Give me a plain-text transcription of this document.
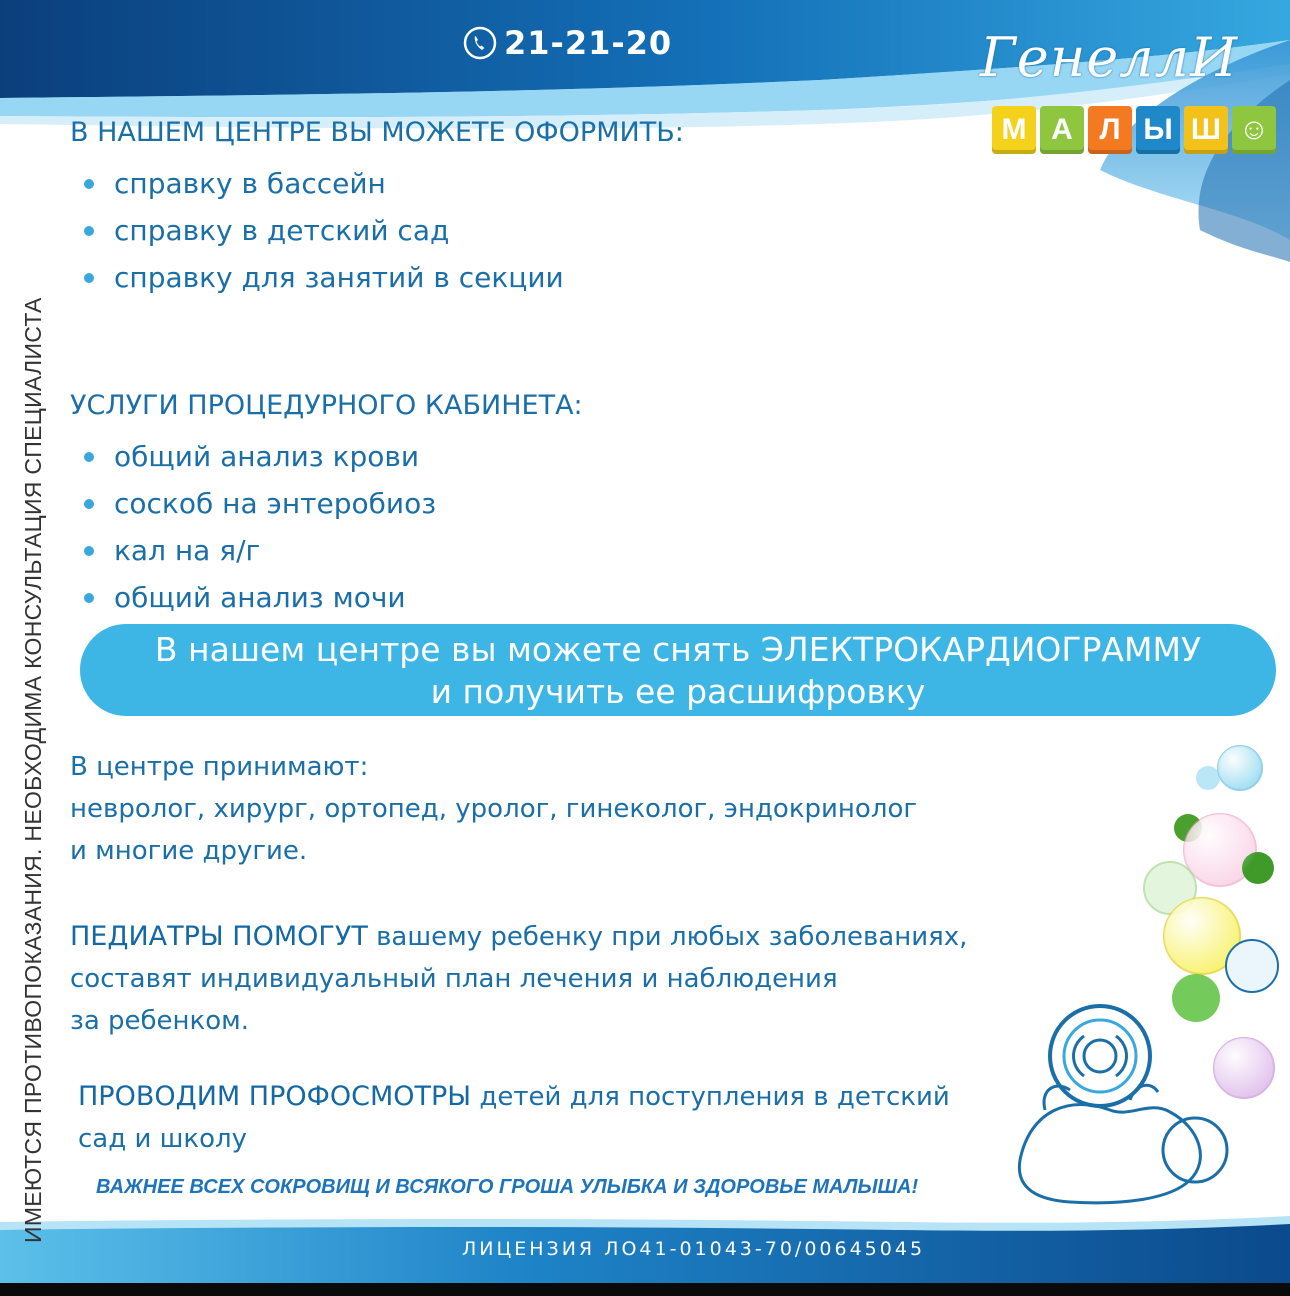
21-21-20	ГенеллИ
М А Л Ы Ш ☺
ИМЕЮТСЯ ПРОТИВОПОКАЗАНИЯ. НЕОБХОДИМА КОНСУЛЬТАЦИЯ СПЕЦИАЛИСТА
В НАШЕМ ЦЕНТРЕ ВЫ МОЖЕТЕ ОФОРМИТЬ:
справку в бассейн
справку в детский сад
справку для занятий в секции
УСЛУГИ ПРОЦЕДУРНОГО КАБИНЕТА:
общий анализ крови
соскоб на энтеробиоз
кал на я/г
общий анализ мочи
В нашем центре вы можете снять ЭЛЕКТРОКАРДИОГРАММУ
и получить ее расшифровку
В центре принимают:
невролог, хирург, ортопед, уролог, гинеколог, эндокринолог
и многие другие.
ПЕДИАТРЫ ПОМОГУТ вашему ребенку при любых заболеваниях,
составят индивидуальный план лечения и наблюдения
за ребенком.
ПРОВОДИМ ПРОФОСМОТРЫ детей для поступления в детский
сад и школу
ВАЖНЕЕ ВСЕХ СОКРОВИЩ И ВСЯКОГО ГРОША УЛЫБКА И ЗДОРОВЬЕ МАЛЫША!
ЛИЦЕНЗИЯ ЛО41-01043-70/00645045
